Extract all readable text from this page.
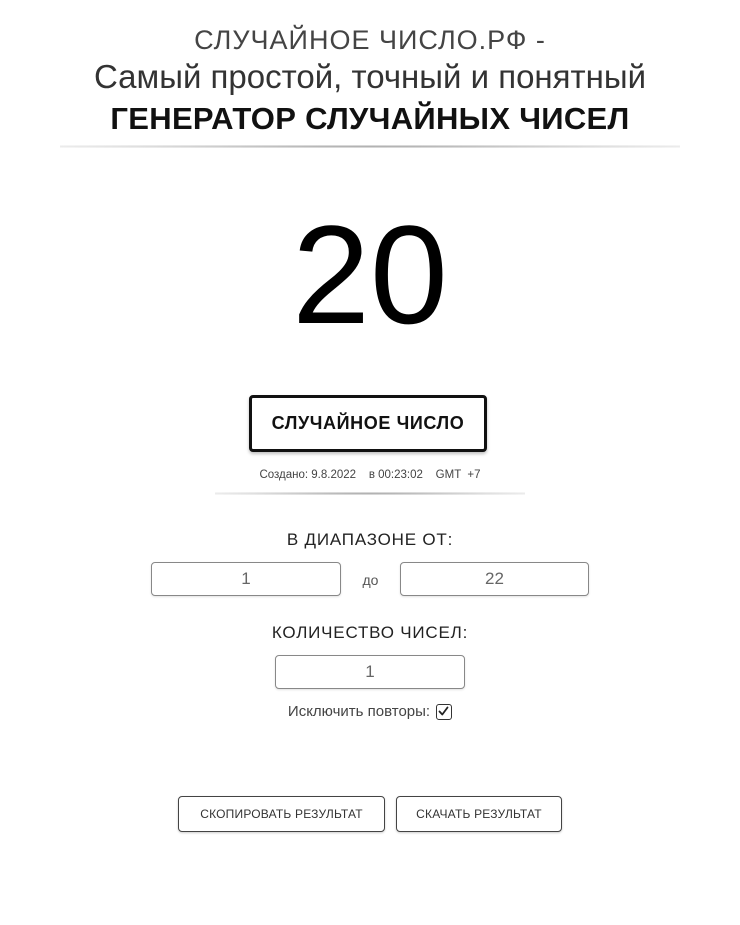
СЛУЧАЙНОЕ ЧИСЛО.РФ -
Самый простой, точный и понятный
ГЕНЕРАТОР СЛУЧАЙНЫХ ЧИСЕЛ
20
СЛУЧАЙНОЕ ЧИСЛО
Создано: 9.8.2022    в 00:23:02    GMT  +7
В ДИАПАЗОНЕ ОТ:
1
до
22
КОЛИЧЕСТВО ЧИСЕЛ:
1
Исключить повторы:
СКОПИРОВАТЬ РЕЗУЛЬТАТ	СКАЧАТЬ РЕЗУЛЬТАТ
